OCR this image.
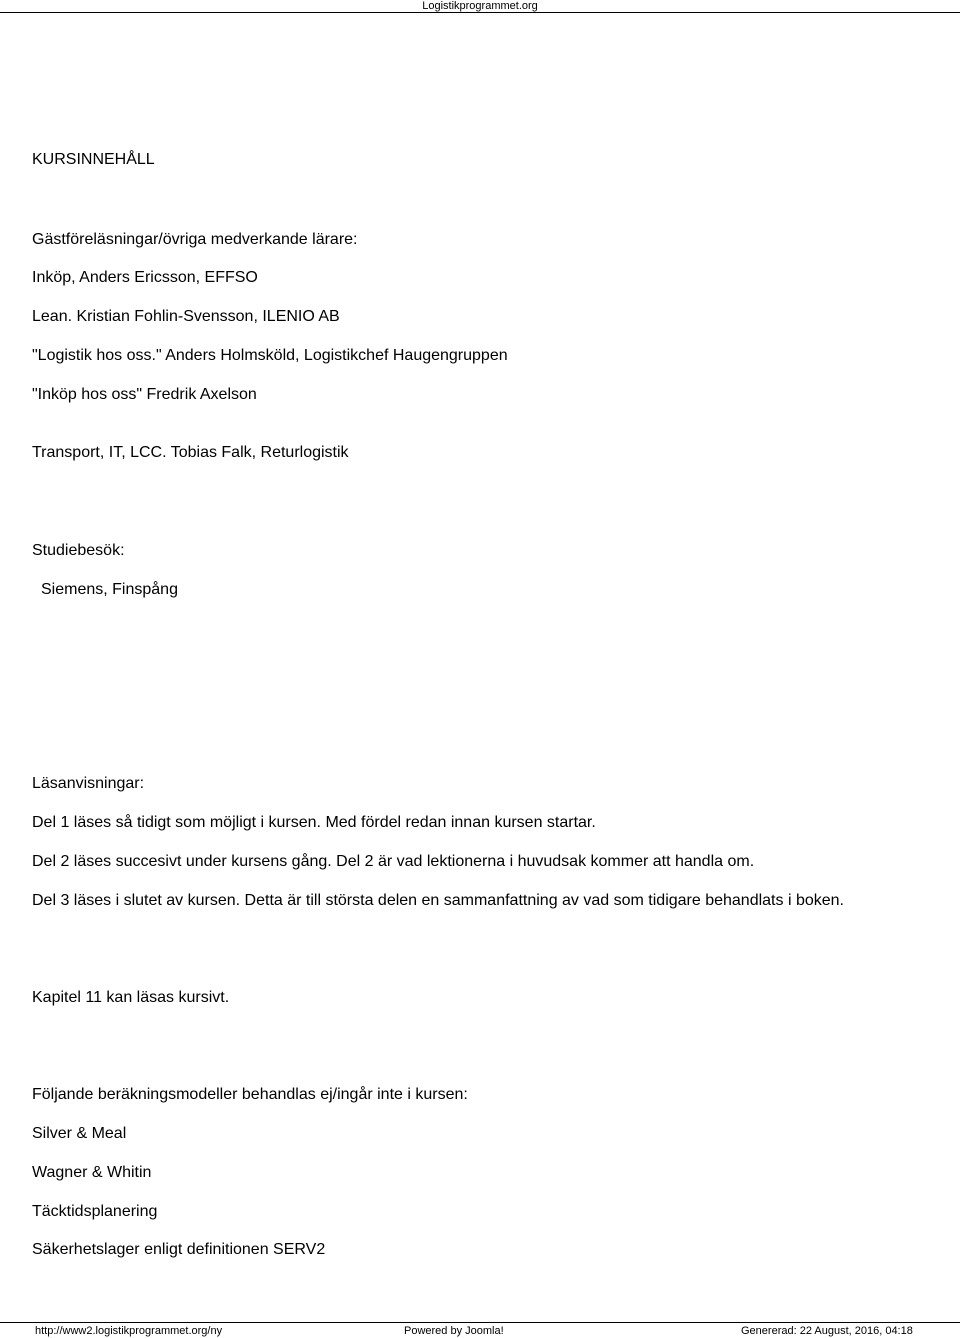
Logistikprogrammet.org
KURSINNEHÅLL
Gästföreläsningar/övriga medverkande lärare:
Inköp, Anders Ericsson, EFFSO
Lean. Kristian Fohlin-Svensson, ILENIO AB
"Logistik hos oss." Anders Holmsköld, Logistikchef Haugengruppen
"Inköp hos oss" Fredrik Axelson
Transport, IT, LCC. Tobias Falk, Returlogistik
Studiebesök:
Siemens, Finspång
Läsanvisningar:
Del 1 läses så tidigt som möjligt i kursen. Med fördel redan innan kursen startar.
Del 2 läses succesivt under kursens gång. Del 2 är vad lektionerna i huvudsak kommer att handla om.
Del 3 läses i slutet av kursen. Detta är till största delen en sammanfattning av vad som tidigare behandlats i boken.
Kapitel 11 kan läsas kursivt.
Följande beräkningsmodeller behandlas ej/ingår inte i kursen:
Silver & Meal
Wagner & Whitin
Täcktidsplanering
Säkerhetslager enligt definitionen SERV2
http://www2.logistikprogrammet.org/ny	Powered by Joomla!	Genererad: 22 August, 2016, 04:18
